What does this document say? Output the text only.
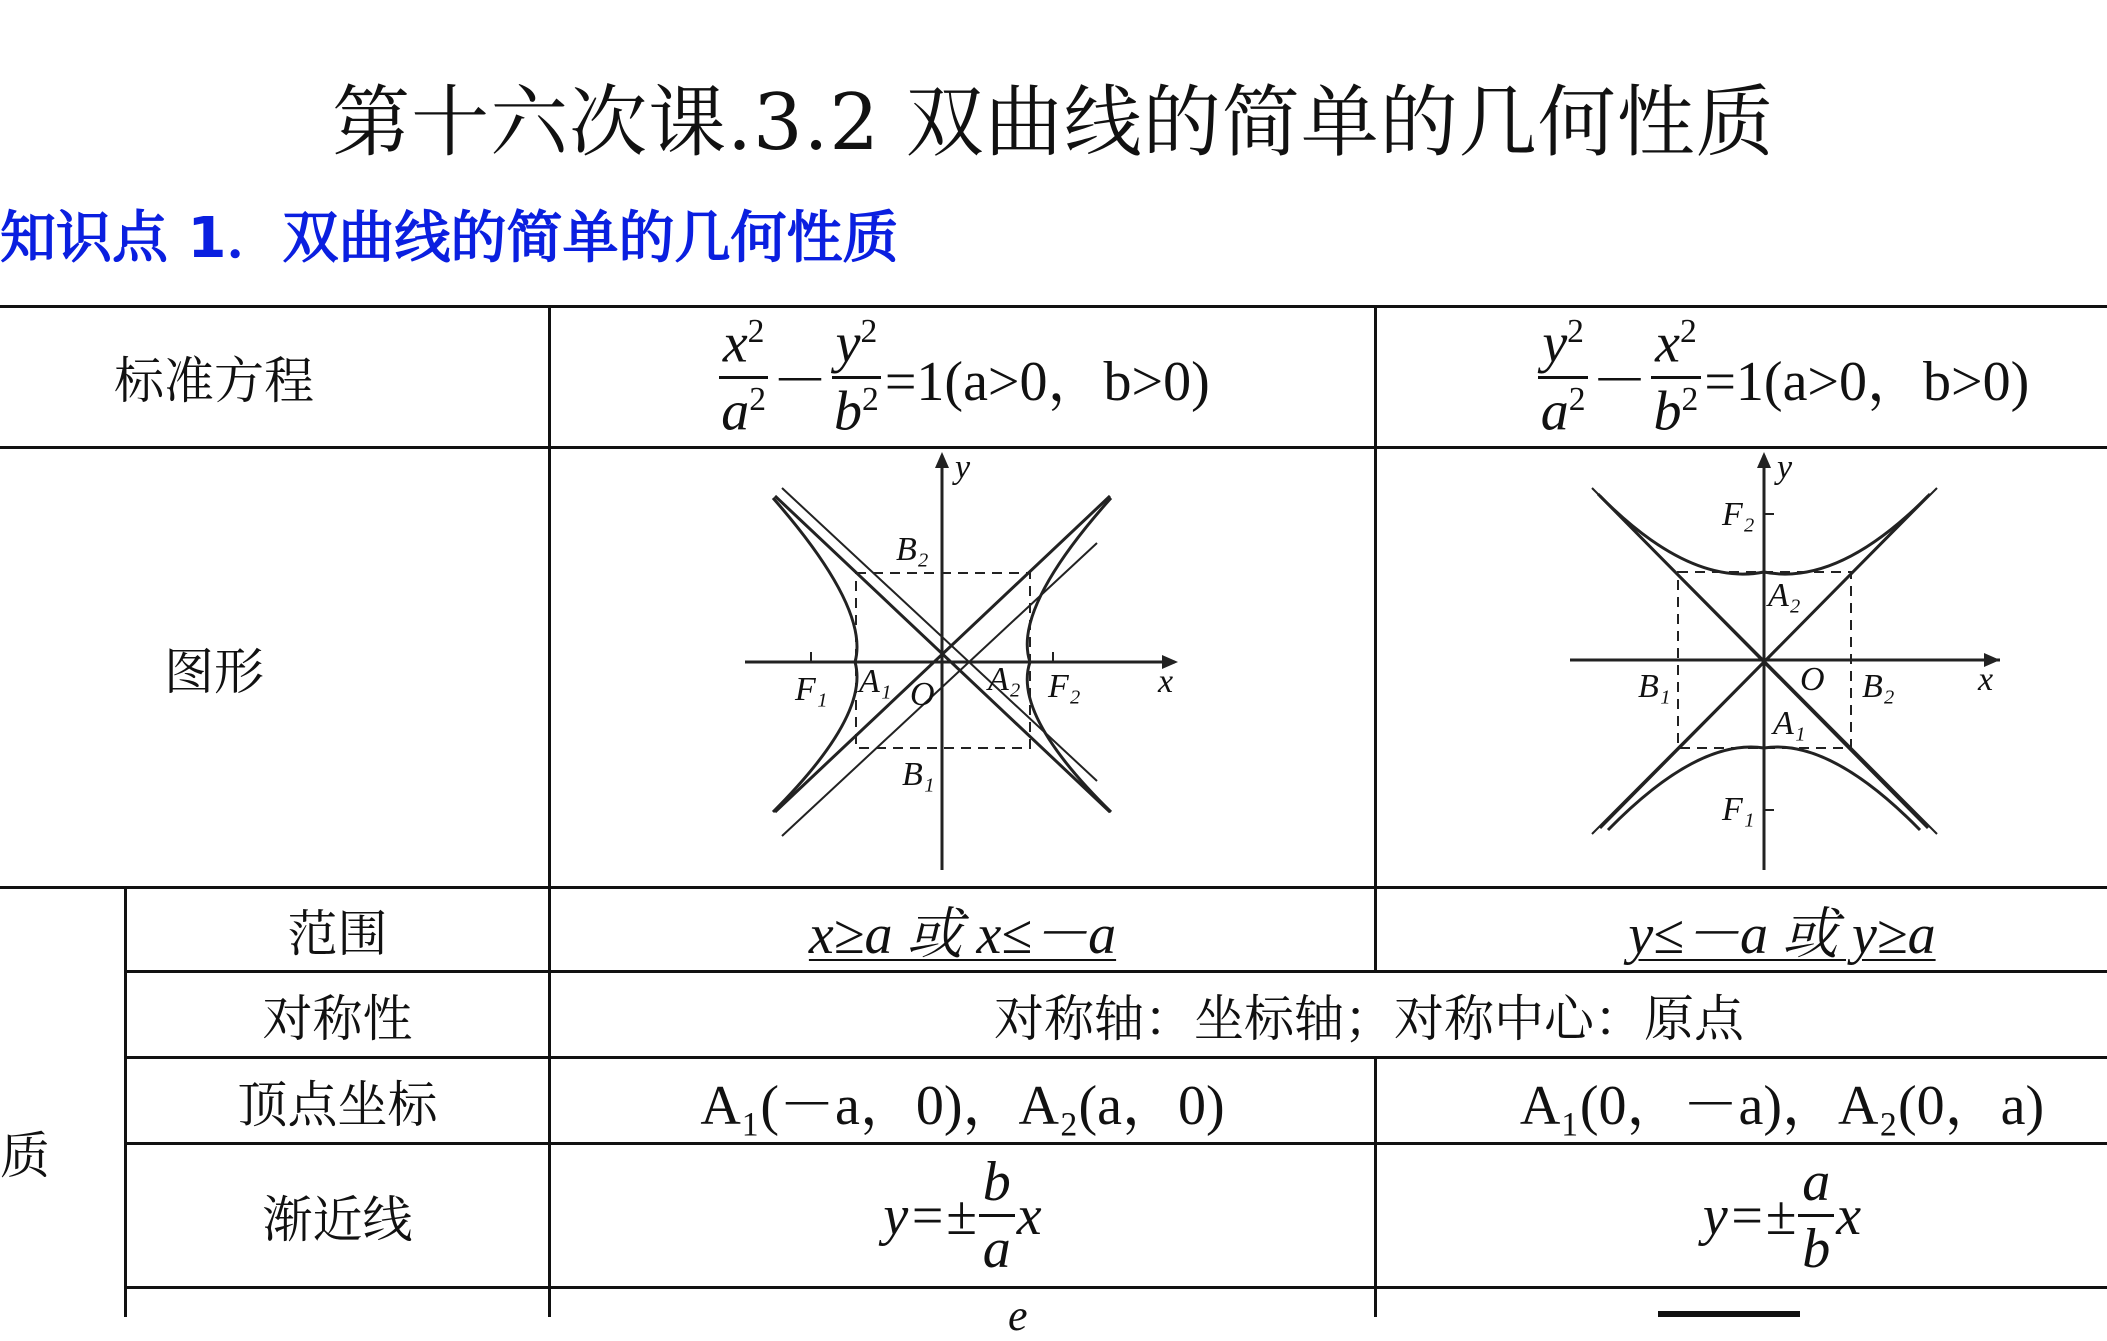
第十六次课.3.2 双曲线的简单的几何性质
知识点 1．双曲线的简单的几何性质
标准方程	$\frac{x^2}{a^2} - \frac{y^2}{b^2} =1(a>0$，b>0)	$\frac{y^2}{a^2} - \frac{x^2}{b^2} =1(a>0$，b>0)
图形
y
x
B₂
B₁
F₁	F₂
A₁	A₂
O
y
x
F₂
F₁
A₂
A₁
B₁	B₂
O
质
范围	x≥a 或 x≤－a	y≤－a 或 y≥a
对称性	对称轴：坐标轴；对称中心：原点
顶点坐标	A₁(－a，0)，A₂(a，0)	A₁(0，－a)，A₂(0，a)
渐近线	$y=\pm \frac{b}{a}$ x	$y=\pm \frac{a}{b}$ x
e
